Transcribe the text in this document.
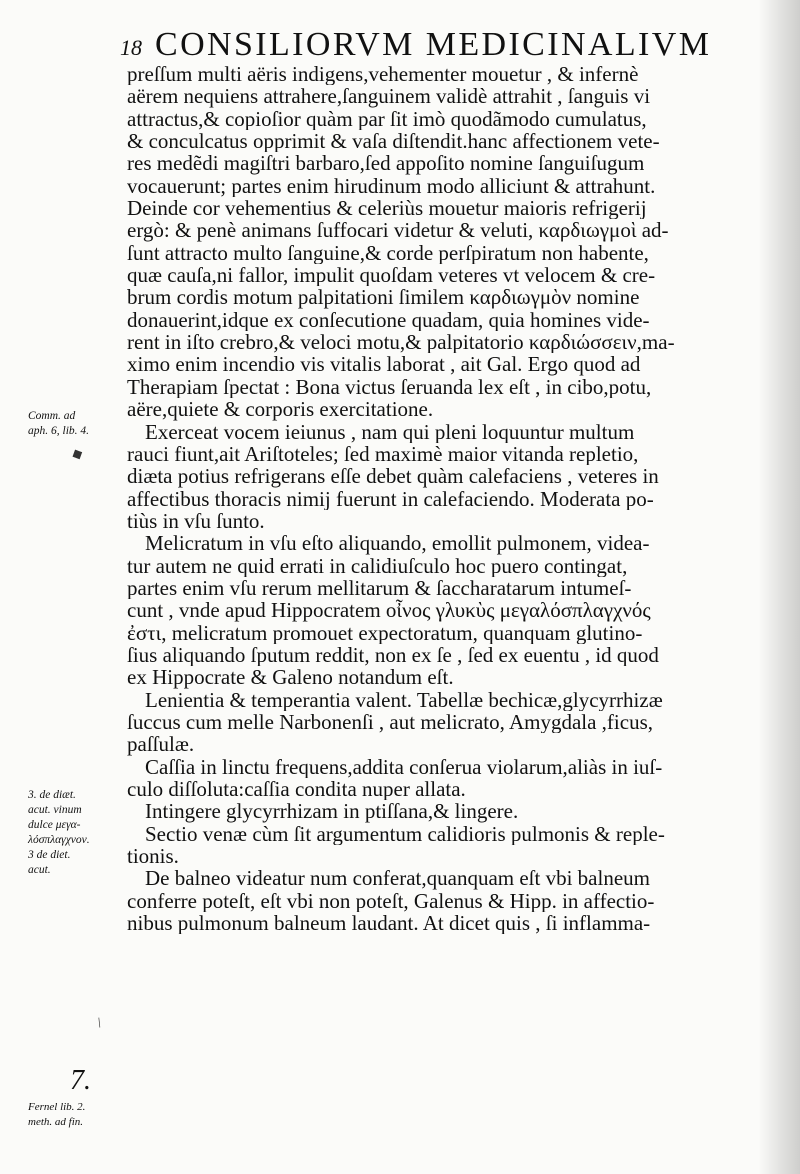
18 CONSILIORVM MEDICINALIVM
preſſum multi aëris indigens,vehementer mouetur , & infernè
aërem nequiens attrahere,ſanguinem validè attrahit , ſanguis vi
attractus,& copioſior quàm par ſit imò quodãmodo cumulatus,
& conculcatus opprimit & vaſa diſtendit.hanc affectionem vete-
res medẽdi magiſtri barbaro,ſed appoſito nomine ſanguiſugum
vocauerunt; partes enim hirudinum modo alliciunt & attrahunt.
Deinde cor vehementius & celeriùs mouetur maioris refrigerij
ergò: & penè animans ſuffocari videtur & veluti, καρδιωγμοὶ ad-
ſunt attracto multo ſanguine,& corde perſpiratum non habente,
quæ cauſa,ni fallor, impulit quoſdam veteres vt velocem & cre-
brum cordis motum palpitationi ſimilem καρδιωγμὸν nomine
donauerint,idque ex conſecutione quadam, quia homines vide-
rent in iſto crebro,& veloci motu,& palpitatorio καρδιώσσειν,ma-
ximo enim incendio vis vitalis laborat , ait Gal. Ergo quod ad
Therapiam ſpectat : Bona victus ſeruanda lex eſt , in cibo,potu,
aëre,quiete & corporis exercitatione.
Exerceat vocem ieiunus , nam qui pleni loquuntur multum
rauci fiunt,ait Ariſtoteles; ſed maximè maior vitanda repletio,
diæta potius refrigerans eſſe debet quàm calefaciens , veteres in
affectibus thoracis nimij fuerunt in calefaciendo. Moderata po-
tiùs in vſu ſunto.
Melicratum in vſu eſto aliquando, emollit pulmonem, videa-
tur autem ne quid errati in calidiuſculo hoc puero contingat,
partes enim vſu rerum mellitarum & ſaccharatarum intumeſ-
cunt , vnde apud Hippocratem οἶνος γλυκὺς μεγαλόσπλαγχνός
ἐστι, melicratum promouet expectoratum, quanquam glutino-
ſius aliquando ſputum reddit, non ex ſe , ſed ex euentu , id quod
ex Hippocrate & Galeno notandum eſt.
Lenientia & temperantia valent. Tabellæ bechicæ,glycyrrhizæ
ſuccus cum melle Narbonenſi , aut melicrato, Amygdala ,ficus,
paſſulæ.
Caſſia in linctu frequens,addita conſerua violarum,aliàs in iuſ-
culo diſſoluta:caſſia condita nuper allata.
Intingere glycyrrhizam in ptiſſana,& lingere.
Sectio venæ cùm ſit argumentum calidioris pulmonis & reple-
tionis.
De balneo videatur num conferat,quanquam eſt vbi balneum
conferre poteſt, eſt vbi non poteſt, Galenus & Hipp. in affectio-
nibus pulmonum balneum laudant. At dicet quis , ſi inflamma-
Comm. ad
aph. 6, lib. 4.
3. de diæt.
acut. vinum
dulce μεγα-
λόσπλαγχνον.
3 de diet.
acut.
7.
Fernel lib. 2.
meth. ad fin.
◆
/
